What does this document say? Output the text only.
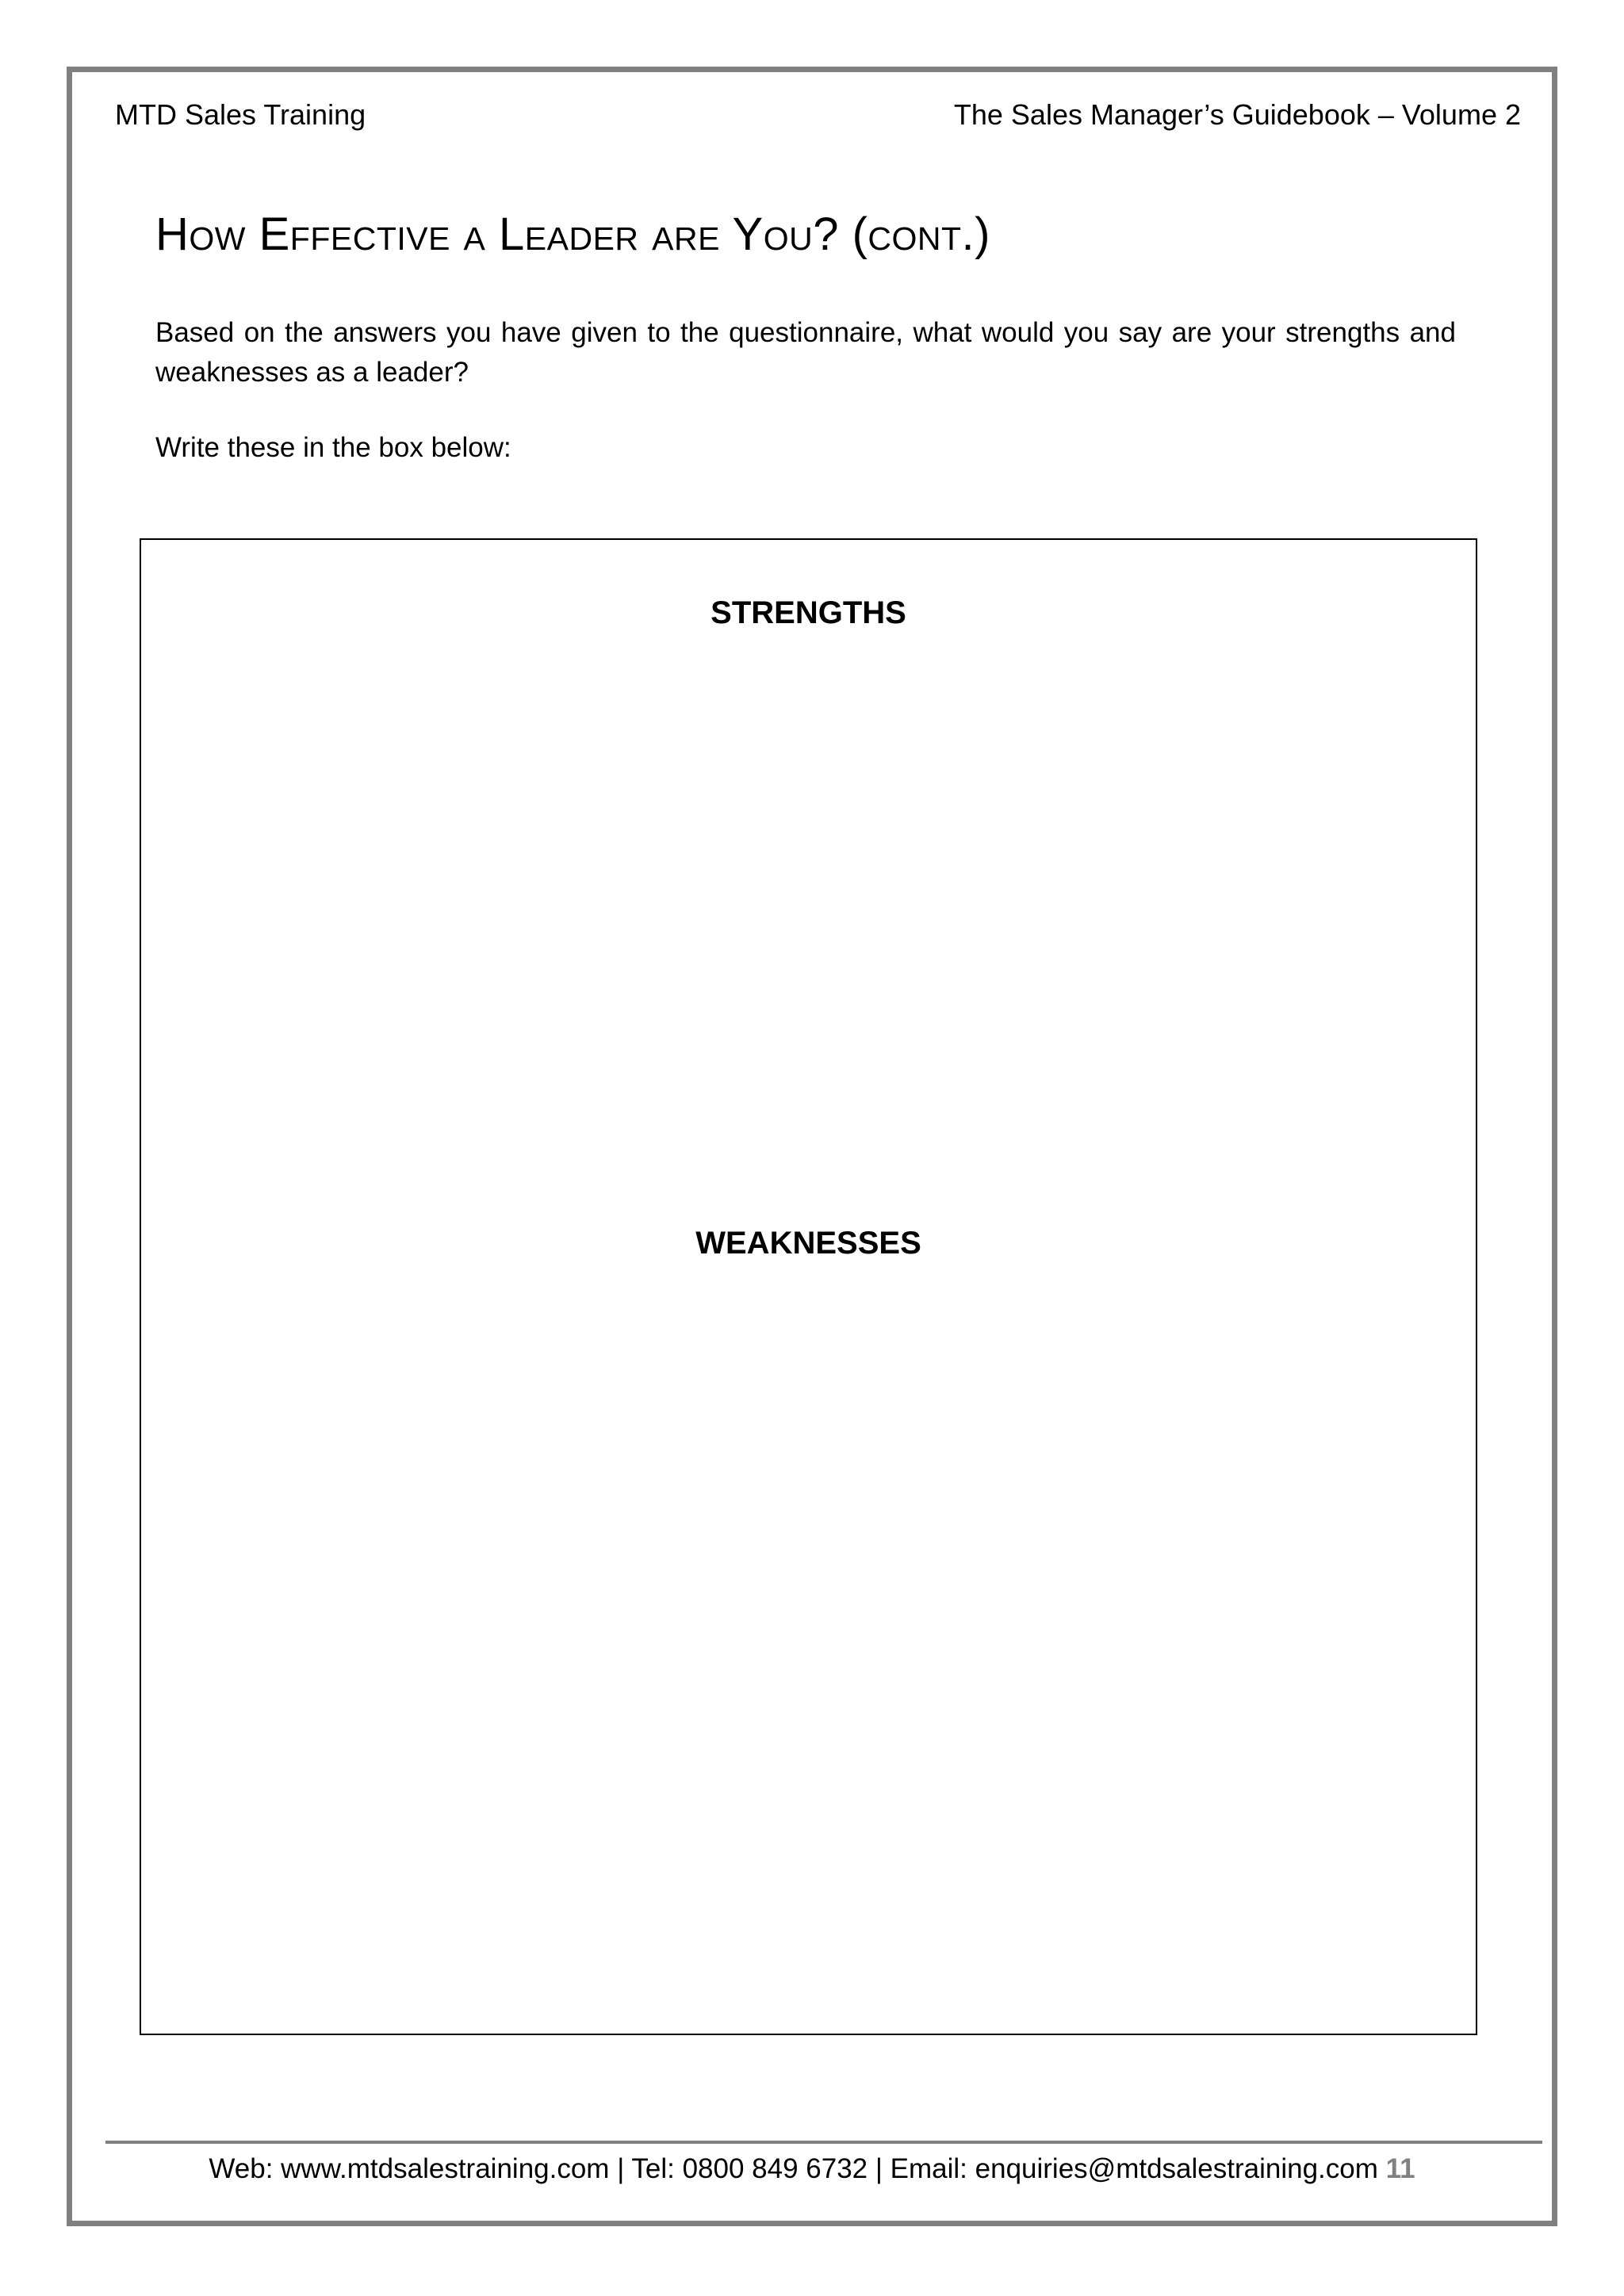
MTD Sales Training	The Sales Manager’s Guidebook – Volume 2
How Effective a Leader are You? (cont.)

Based on the answers you have given to the questionnaire, what would you say are your strengths and weaknesses as a leader?

Write these in the box below:

STRENGTHS
WEAKNESSES
Web: www.mtdsalestraining.com | Tel: 0800 849 6732 | Email: enquiries@mtdsalestraining.com 11
